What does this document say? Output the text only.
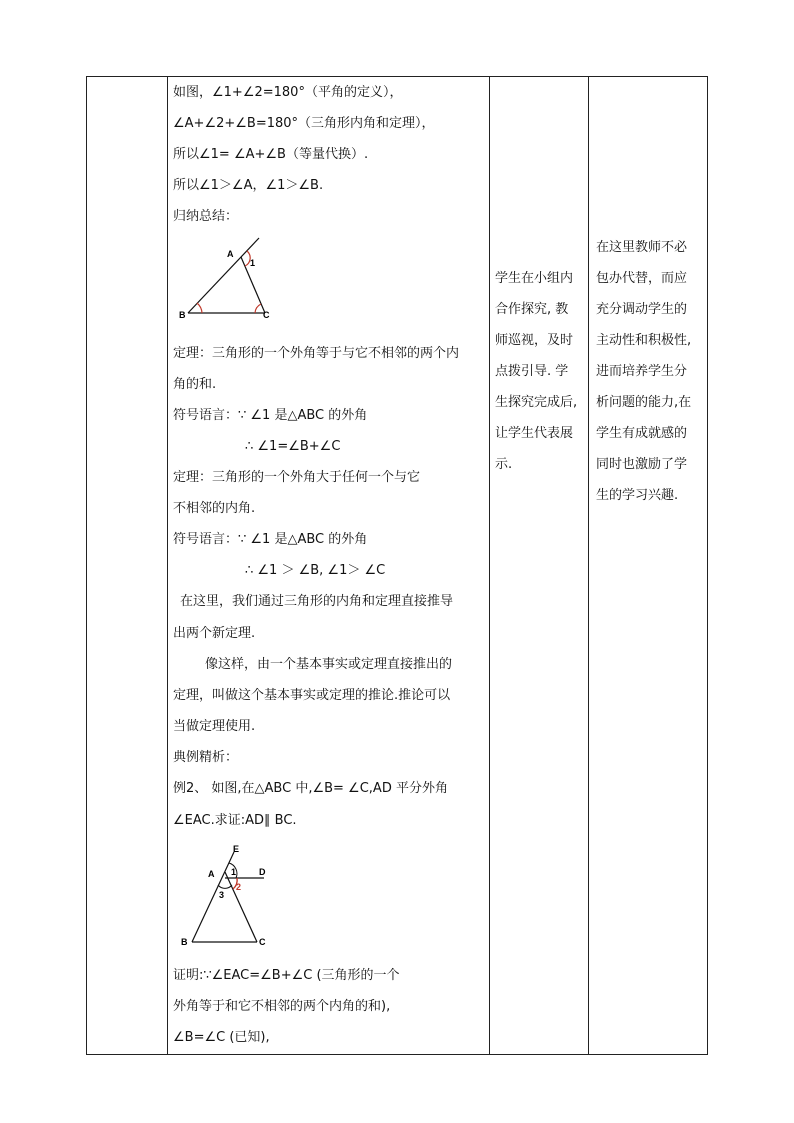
如图，∠1+∠2=180°（平角的定义），
∠A+∠2+∠B=180°（三角形内角和定理），
所以∠1= ∠A+∠B（等量代换）.
所以∠1＞∠A，∠1＞∠B.
归纳总结：
A
1
B	C
定理：三角形的一个外角等于与它不相邻的两个内
角的和.
符号语言：∵ ∠1 是△ABC 的外角
∴ ∠1=∠B+∠C
定理：三角形的一个外角大于任何一个与它
不相邻的内角.
符号语言：∵ ∠1 是△ABC 的外角
∴ ∠1 ＞ ∠B, ∠1＞ ∠C
在这里，我们通过三角形的内角和定理直接推导
出两个新定理.
像这样，由一个基本事实或定理直接推出的
定理，叫做这个基本事实或定理的推论.推论可以
当做定理使用.
典例精析：
例2、 如图,在△ABC 中,∠B= ∠C,AD 平分外角
∠EAC.求证:AD∥ BC.
E
A 1	D
2
3
B	C
证明:∵∠EAC=∠B+∠C (三角形的一个
外角等于和它不相邻的两个内角的和),
∠B=∠C (已知),
学生在小组内
合作探究, 教
师巡视，及时
点拨引导. 学
生探究完成后,
让学生代表展
示.
在这里教师不必
包办代替，而应
充分调动学生的
主动性和积极性,
进而培养学生分
析问题的能力,在
学生有成就感的
同时也激励了学
生的学习兴趣.
